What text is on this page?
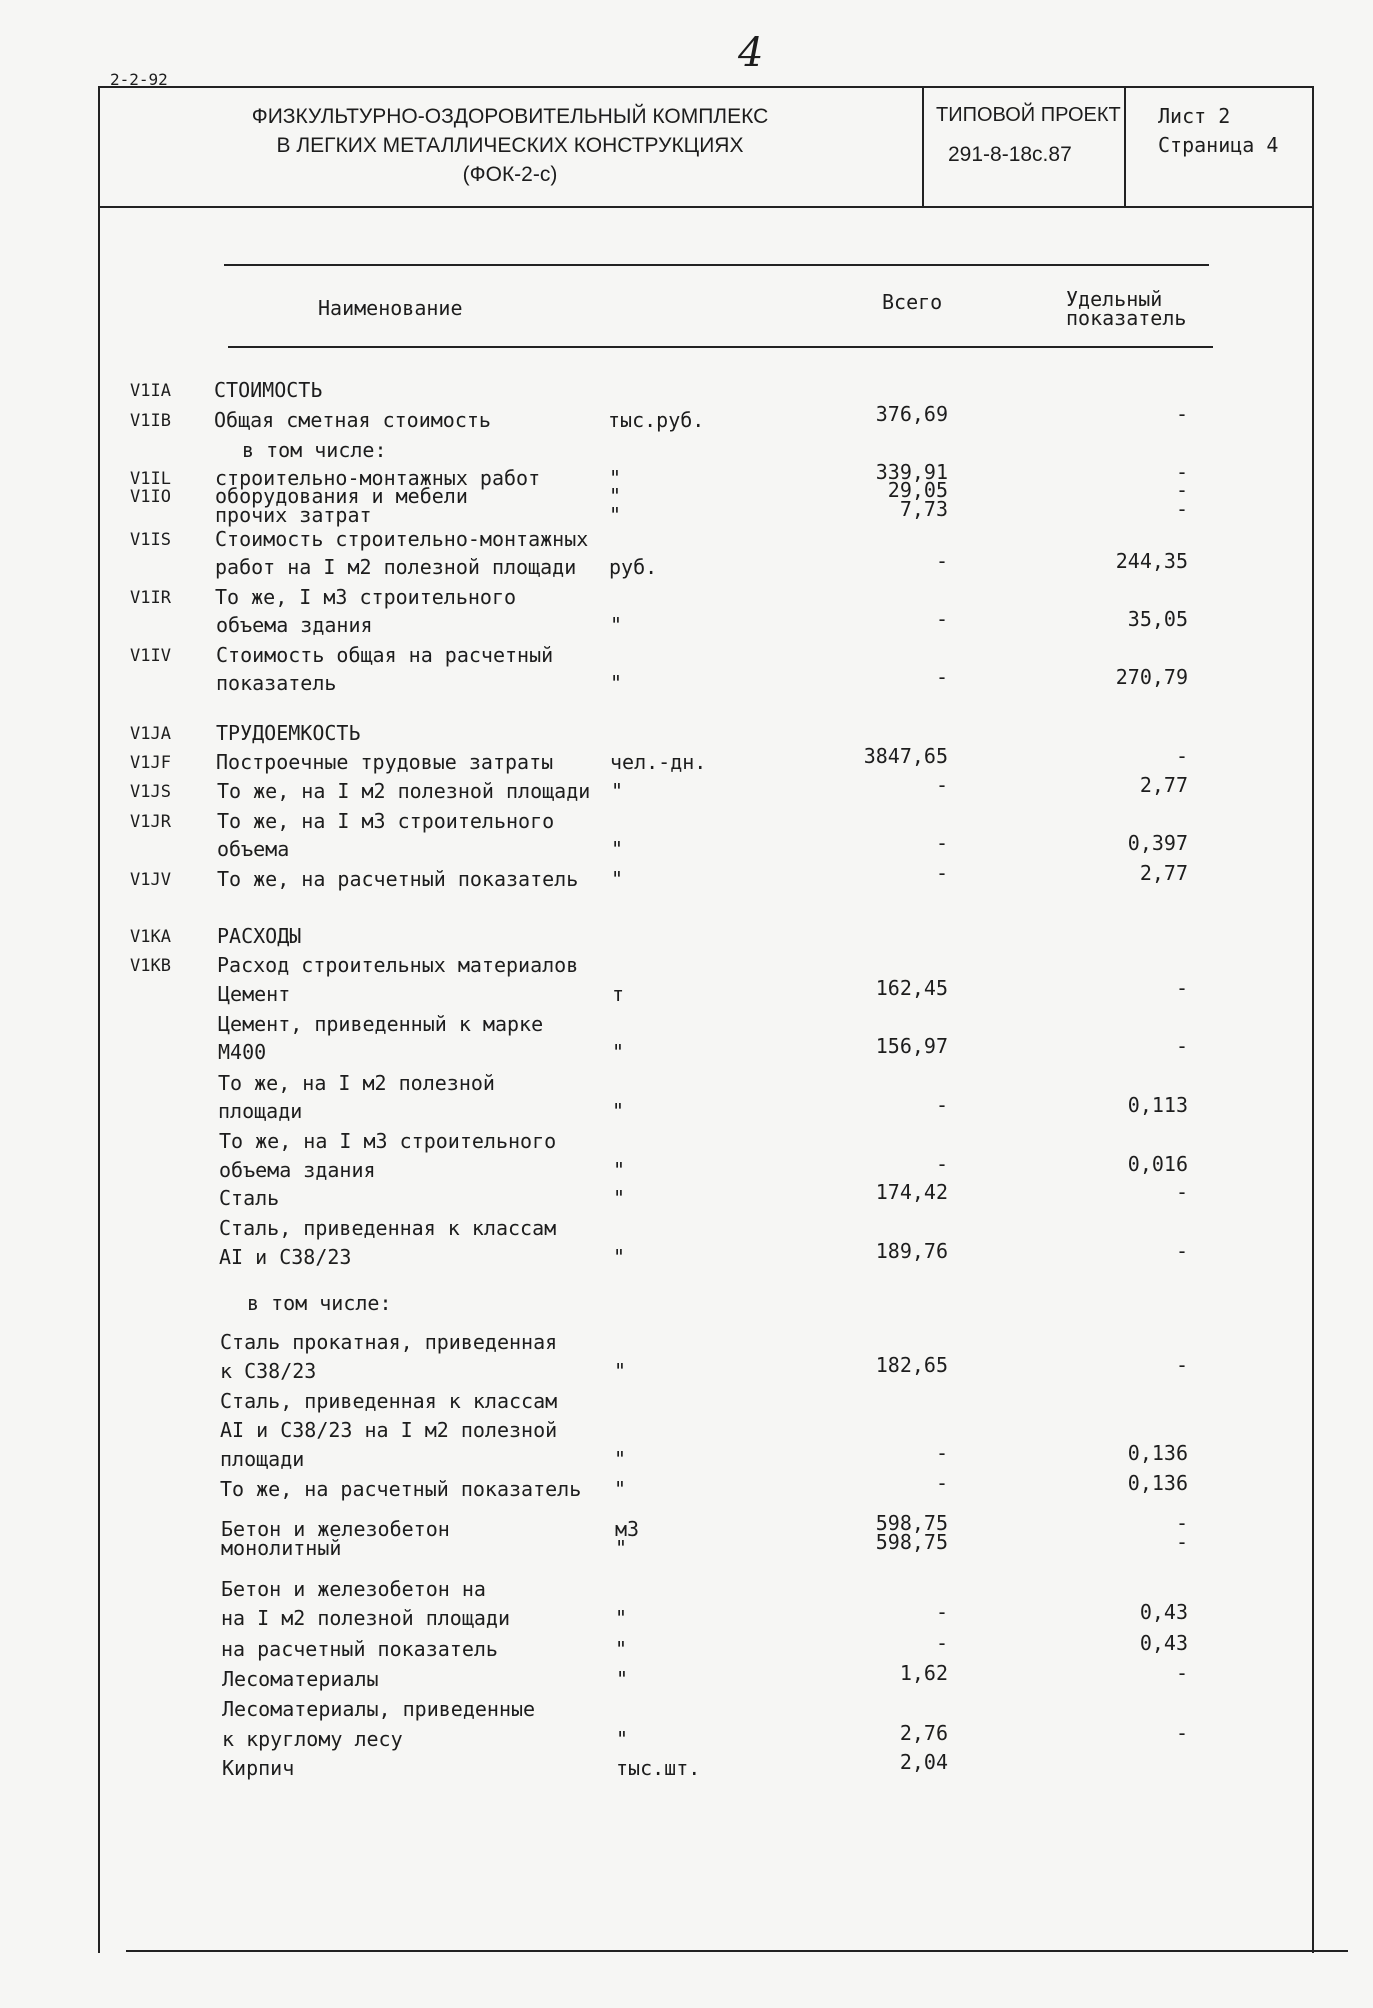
4
2-2-92
ФИЗКУЛЬТУРНО-ОЗДОРОВИТЕЛЬНЫЙ КОМПЛЕКС
В ЛЕГКИХ МЕТАЛЛИЧЕСКИХ КОНСТРУКЦИЯХ
(ФОК-2-с)
ТИПОВОЙ ПРОЕКТ
291-8-18с.87
Лист 2
Страница 4
Наименование	Всего	Удельный
показатель
V1IA СТОИМОСТЬ
V1IB Общая сметная стоимость	тыс.руб.	376,69	-
в том числе:
V1IL строительно-монтажных работ	"	339,91	-
V1IO оборудования и мебели	"	29,05	-
прочих затрат	"	7,73	-
V1IS Стоимость строительно-монтажных
работ на I м2 полезной площади руб.	-	244,35
V1IR То же, I м3 строительного
объема здания	"	-	35,05
V1IV Стоимость общая на расчетный
показатель	"	-	270,79
V1JA ТРУДОЕМКОСТЬ
V1JF Построечные трудовые затраты	чел.-дн.	3847,65	-
V1JS То же, на I м2 полезной площади "	-	2,77
V1JR То же, на I м3 строительного
объема	"	-	0,397
V1JV То же, на расчетный показатель "	-	2,77
V1KA РАСХОДЫ
V1KB Расход строительных материалов
Цемент	т	162,45	-
Цемент, приведенный к марке
М400	"	156,97	-
То же, на I м2 полезной
площади	"	-	0,113
То же, на I м3 строительного
объема здания	"	-	0,016
Сталь	"	174,42	-
Сталь, приведенная к классам
AI и С38/23	"	189,76	-
в том числе:
Сталь прокатная, приведенная
к С38/23	"	182,65	-
Сталь, приведенная к классам
AI и С38/23 на I м2 полезной
площади	"	-	0,136
То же, на расчетный показатель "	-	0,136
Бетон и железобетон	м3	598,75	-
монолитный	"	598,75	-
Бетон и железобетон на
на I м2 полезной площади	"	-	0,43
на расчетный показатель	"	-	0,43
Лесоматериалы	"	1,62	-
Лесоматериалы, приведенные
к круглому лесу	"	2,76	-
Кирпич	тыс.шт.	2,04
